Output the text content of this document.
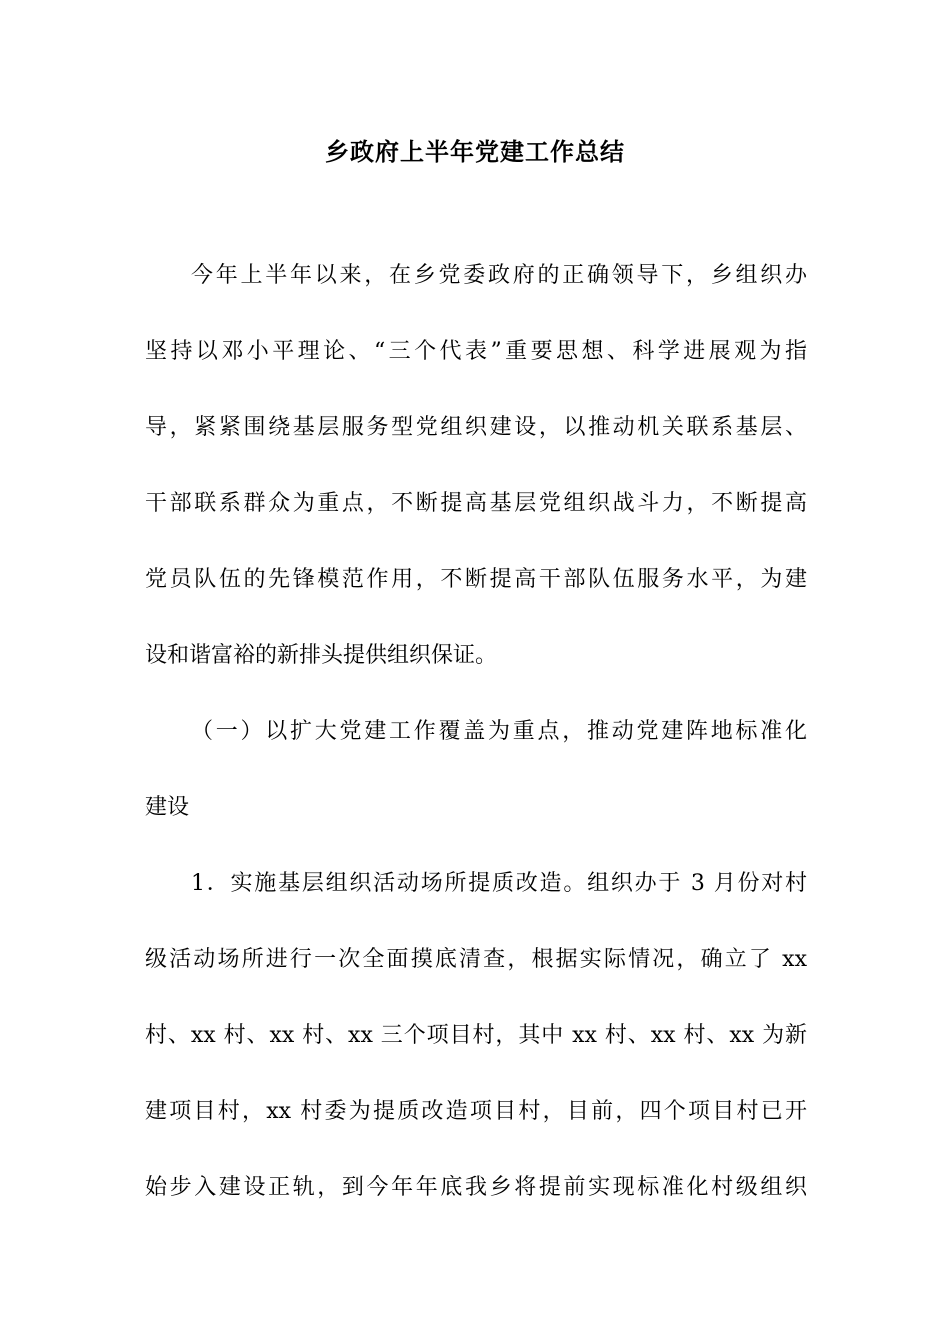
乡政府上半年党建工作总结
今年上半年以来，在乡党委政府的正确领导下，乡组织办
坚持以邓小平理论、“三个代表”重要思想、科学进展观为指
导，紧紧围绕基层服务型党组织建设，以推动机关联系基层、
干部联系群众为重点，不断提高基层党组织战斗力，不断提高
党员队伍的先锋模范作用，不断提高干部队伍服务水平，为建
设和谐富裕的新排头提供组织保证。
（一）以扩大党建工作覆盖为重点，推动党建阵地标准化
建设
1．实施基层组织活动场所提质改造。组织办于 3 月份对村
级活动场所进行一次全面摸底清查，根据实际情况，确立了 xx
村、xx 村、xx 村、xx 三个项目村，其中 xx 村、xx 村、xx 为新
建项目村，xx 村委为提质改造项目村，目前，四个项目村已开
始步入建设正轨，到今年年底我乡将提前实现标准化村级组织
